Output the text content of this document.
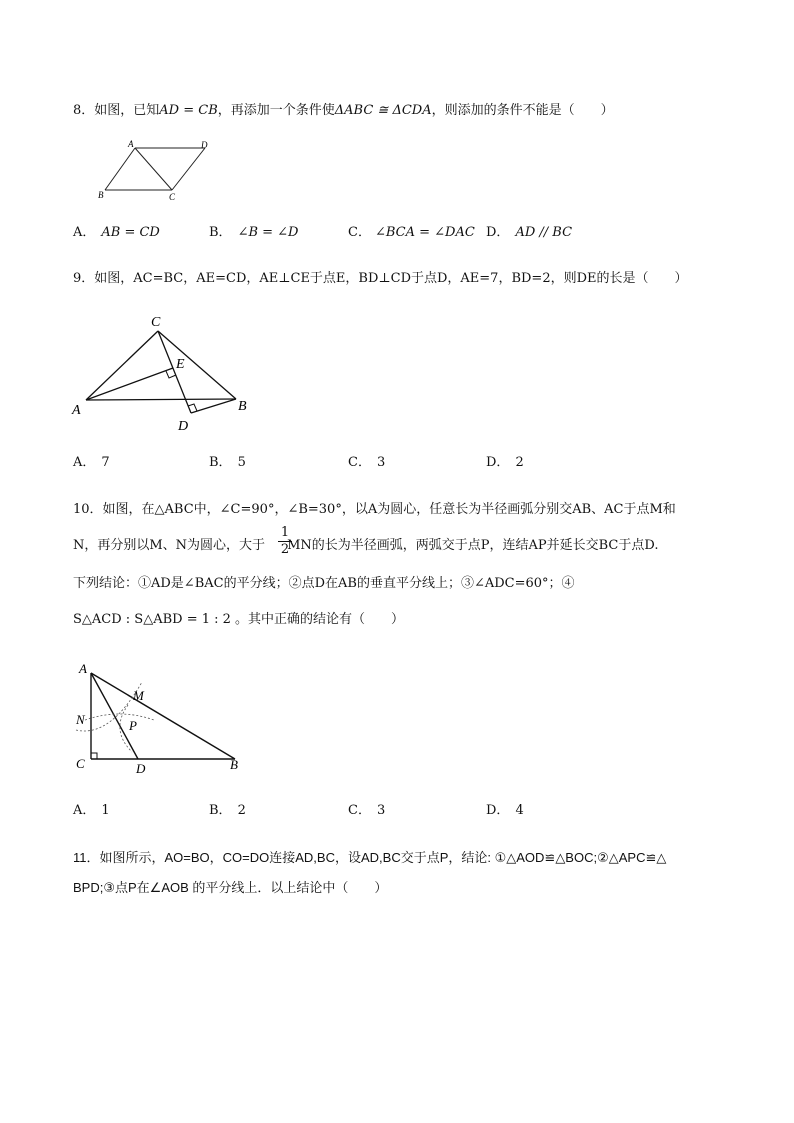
8．如图，已知AD = CB，再添加一个条件使ΔABC ≅ ΔCDA，则添加的条件不能是（　　）
A	D
B	C
A． AB = CD	B． ∠B = ∠D	C． ∠BCA = ∠DAC D． AD // BC
9．如图，AC=BC，AE=CD，AE⊥CE于点E，BD⊥CD于点D，AE=7，BD=2，则DE的长是（　　）
C
E
A	B
D
A． 7	B． 5	C． 3	D． 2
10．如图，在△ABC中，∠C=90°，∠B=30°，以A为圆心，任意长为半径画弧分别交AB、AC于点M和
N，再分别以M、N为圆心，大于 MN的长为半径画弧，两弧交于点P，连结AP并延长交BC于点D.
1
2
下列结论：①AD是∠BAC的平分线；②点D在AB的垂直平分线上；③∠ADC=60°；④
S△ACD : S△ABD = 1 : 2 。其中正确的结论有（　　）
A
M
N	P
C	D	B
A． 1	B． 2	C． 3	D． 4
11．如图所示，AO=BO，CO=DO连接AD,BC，设AD,BC交于点P，结论: ①△AOD≌△BOC;②△APC≌△
BPD;③点P在∠AOB 的平分线上．以上结论中（　　）
